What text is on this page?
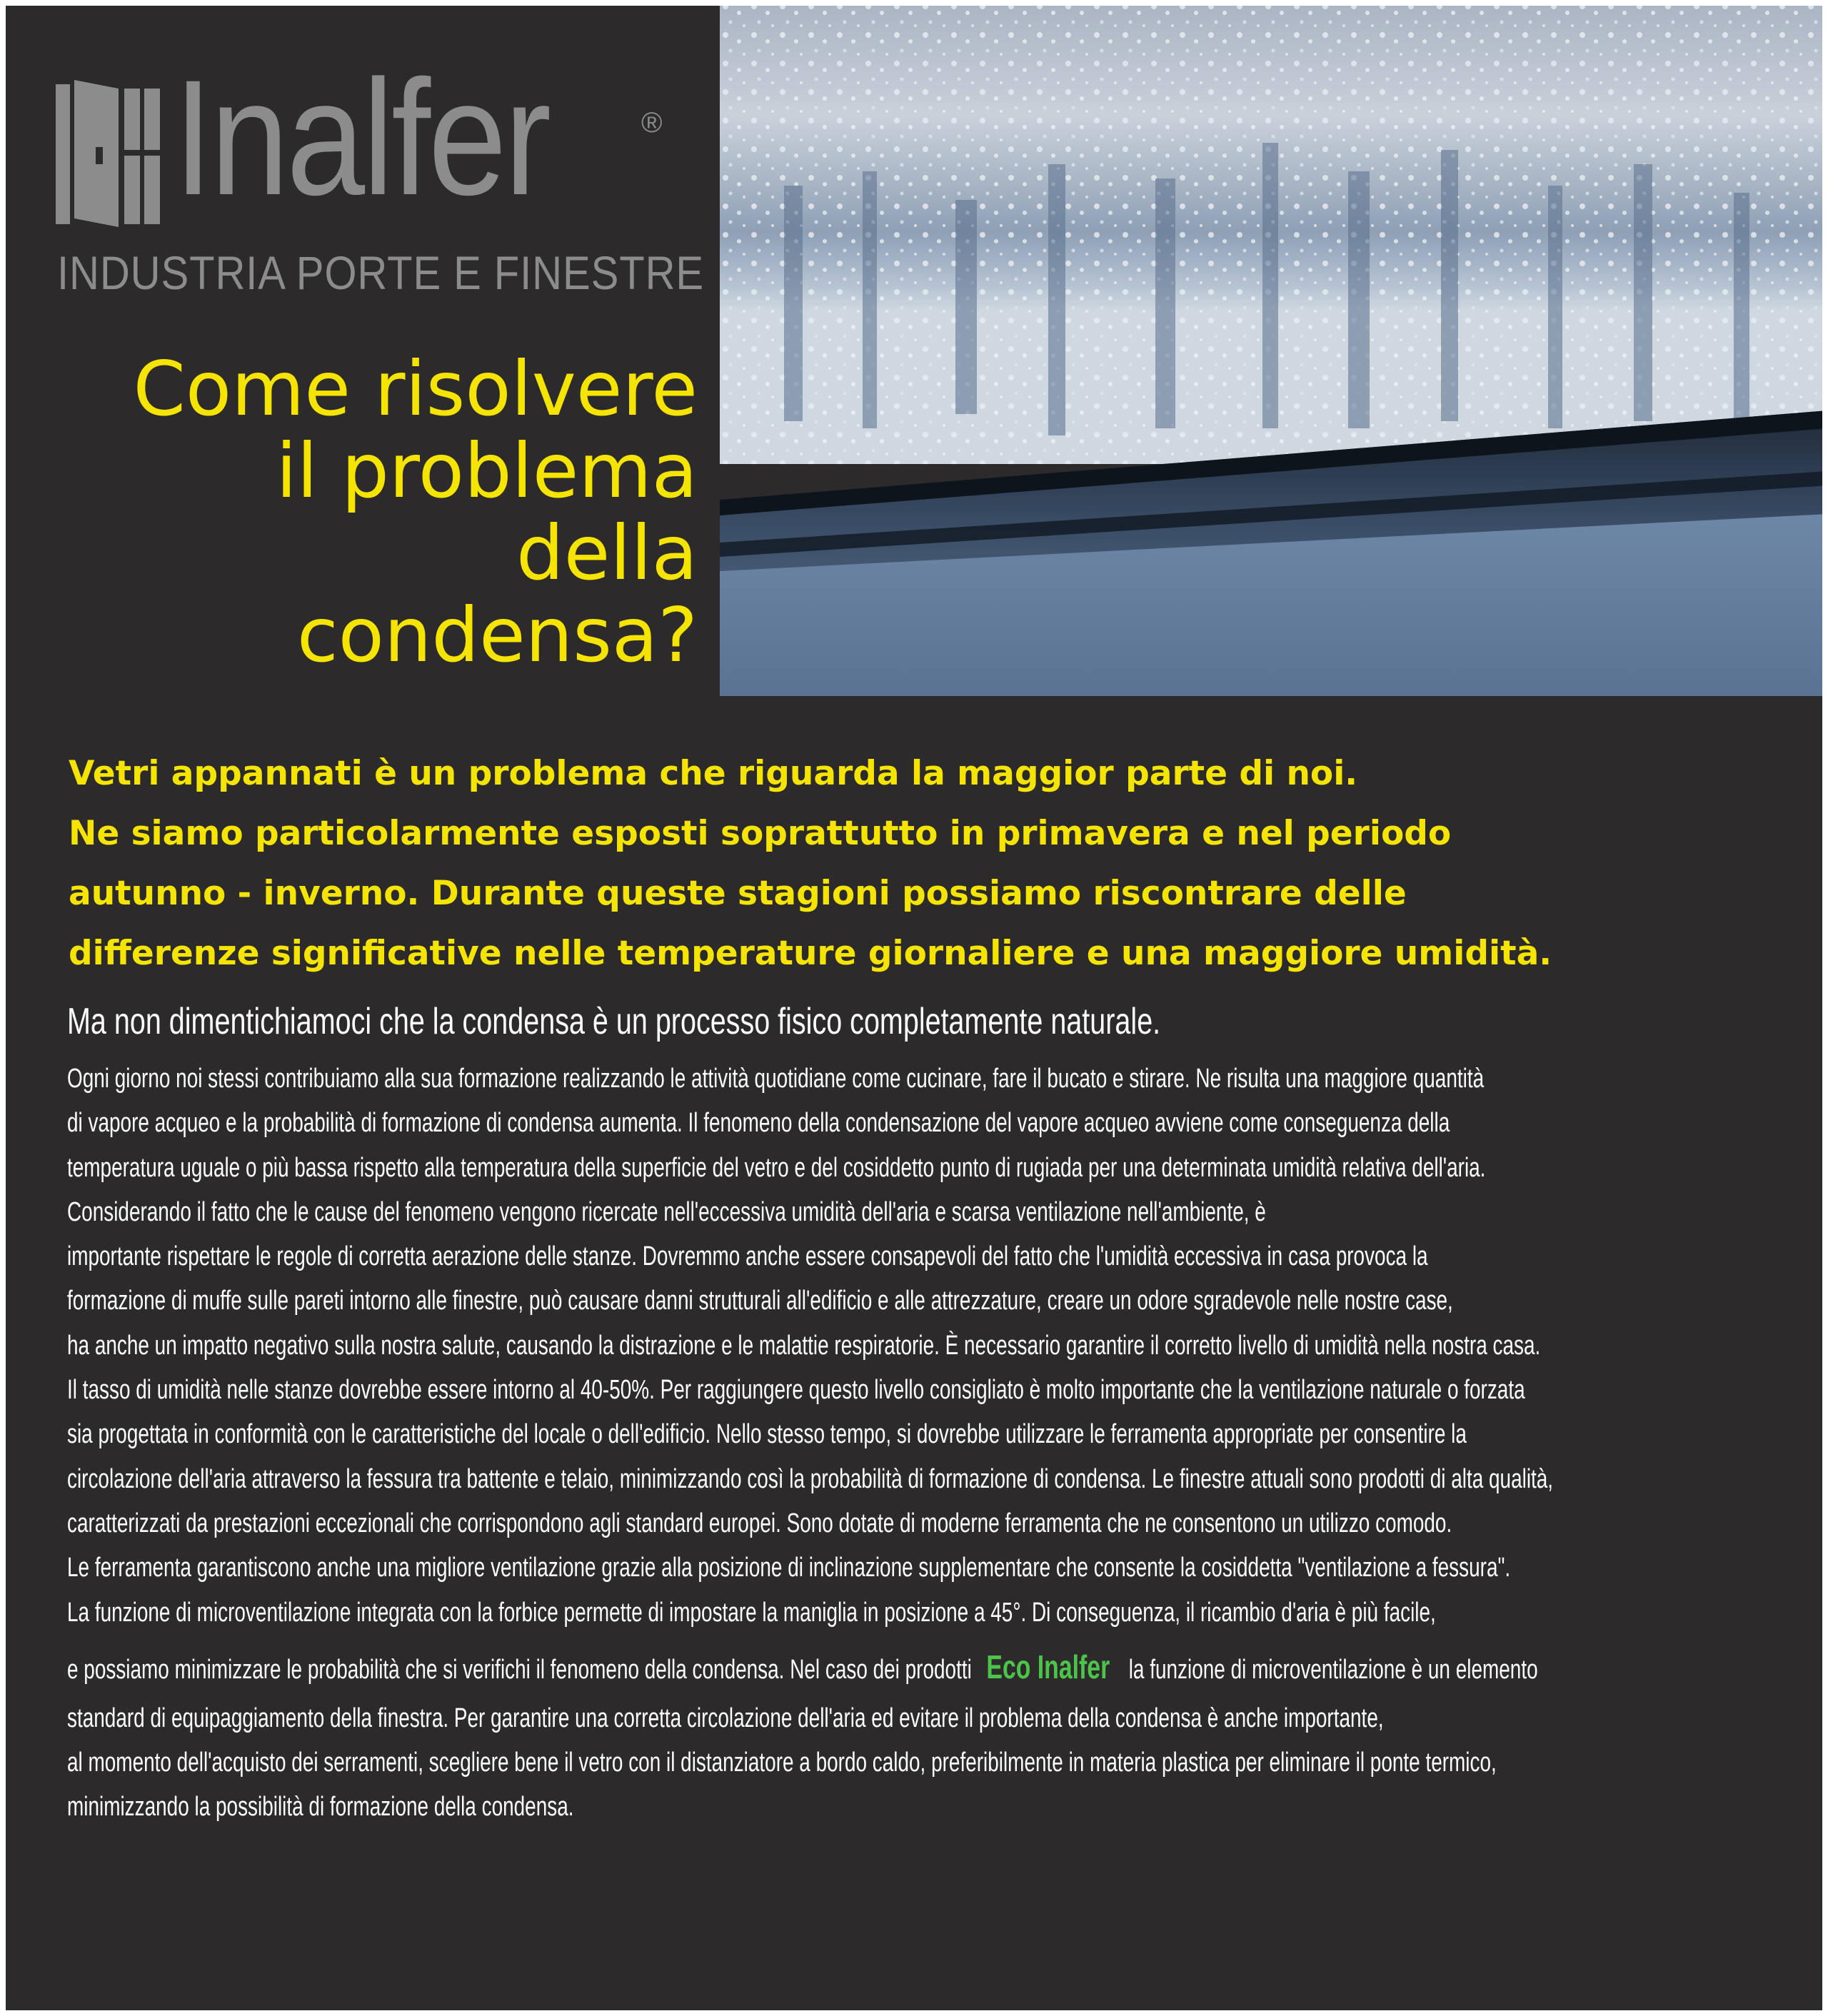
Inalfer	®
INDUSTRIA PORTE E FINESTRE
Come risolvere
il problema
della
condensa?
Vetri appannati è un problema che riguarda la maggior parte di noi.
Ne siamo particolarmente esposti soprattutto in primavera e nel periodo
autunno - inverno. Durante queste stagioni possiamo riscontrare delle
differenze significative nelle temperature giornaliere e una maggiore umidità.
Ma non dimentichiamoci che la condensa è un processo fisico completamente naturale.
Ogni giorno noi stessi contribuiamo alla sua formazione realizzando le attività quotidiane come cucinare, fare il bucato e stirare. Ne risulta una maggiore quantità
di vapore acqueo e la probabilità di formazione di condensa aumenta. Il fenomeno della condensazione del vapore acqueo avviene come conseguenza della
temperatura uguale o più bassa rispetto alla temperatura della superficie del vetro e del cosiddetto punto di rugiada per una determinata umidità relativa dell'aria.
Considerando il fatto che le cause del fenomeno vengono ricercate nell'eccessiva umidità dell'aria e scarsa ventilazione nell'ambiente, è
importante rispettare le regole di corretta aerazione delle stanze. Dovremmo anche essere consapevoli del fatto che l'umidità eccessiva in casa provoca la
formazione di muffe sulle pareti intorno alle finestre, può causare danni strutturali all'edificio e alle attrezzature, creare un odore sgradevole nelle nostre case,
ha anche un impatto negativo sulla nostra salute, causando la distrazione e le malattie respiratorie. È necessario garantire il corretto livello di umidità nella nostra casa.
Il tasso di umidità nelle stanze dovrebbe essere intorno al 40-50%. Per raggiungere questo livello consigliato è molto importante che la ventilazione naturale o forzata
sia progettata in conformità con le caratteristiche del locale o dell'edificio. Nello stesso tempo, si dovrebbe utilizzare le ferramenta appropriate per consentire la
circolazione dell'aria attraverso la fessura tra battente e telaio, minimizzando così la probabilità di formazione di condensa. Le finestre attuali sono prodotti di alta qualità,
caratterizzati da prestazioni eccezionali che corrispondono agli standard europei. Sono dotate di moderne ferramenta che ne consentono un utilizzo comodo.
Le ferramenta garantiscono anche una migliore ventilazione grazie alla posizione di inclinazione supplementare che consente la cosiddetta "ventilazione a fessura".
La funzione di microventilazione integrata con la forbice permette di impostare la maniglia in posizione a 45°. Di conseguenza, il ricambio d'aria è più facile,
e possiamo minimizzare le probabilità che si verifichi il fenomeno della condensa. Nel caso dei prodotti Eco Inalfer la funzione di microventilazione è un elemento
standard di equipaggiamento della finestra. Per garantire una corretta circolazione dell'aria ed evitare il problema della condensa è anche importante,
al momento dell'acquisto dei serramenti, scegliere bene il vetro con il distanziatore a bordo caldo, preferibilmente in materia plastica per eliminare il ponte termico,
minimizzando la possibilità di formazione della condensa.
